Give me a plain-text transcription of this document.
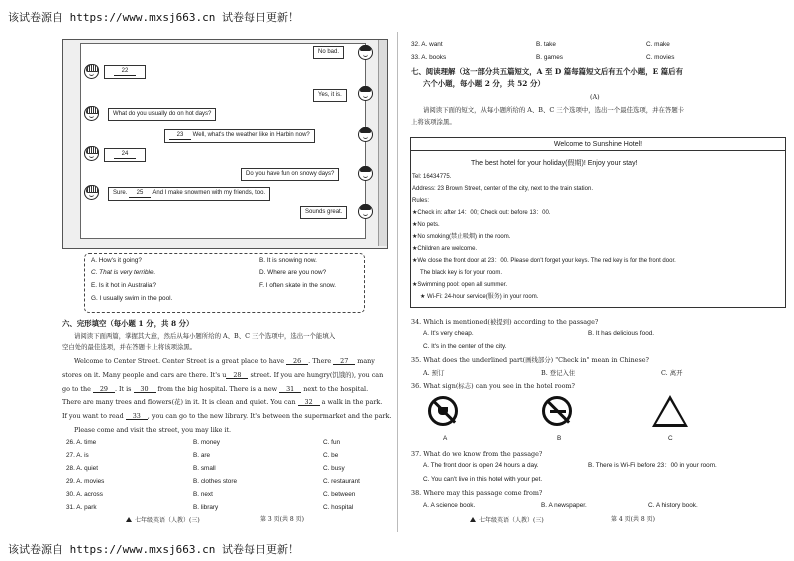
该试卷源自 https://www.mxsj663.cn 试卷每日更新！
该试卷源自 https://www.mxsj663.cn 试卷每日更新！
No bad.
22
Yes, it is.
What do you usually do on hot days?
23 Well, what's the weather like in Harbin now?
24
Do you have fun on snowy days?
Sure. 25 And I make snowmen with my friends, too.
Sounds great.
A. How's it going?	B. It is snowing now.
C. That is very terrible.	D. Where are you now?
E. Is it hot in Australia?	F. I often skate in the snow.
G. I usually swim in the pool.
六、完形填空（每小题 1 分，共 8 分）
请阅读下面两篇，掌握其大意，然后从每小题所给的 A、B、C 三个选项中，选出一个能填入
空白处的最佳选项，并在答题卡上将该项涂黑。
Welcome to Center Street. Center Street is a great place to have 26 . There 27 many
stores on it. Many people and cars are there. It's u 28 street. If you are hungry(饥饿的), you can
go to the 29 . It is 30 from the big hospital. There is a new 31 next to the hospital.
There are many trees and flowers(花) in it. It is clean and quiet. You can 32 a walk in the park.
If you want to read 33 , you can go to the new library. It's between the supermarket and the park.
Please come and visit the street, you may like it.
26. A. time	B. money	C. fun
27. A. is	B. are	C. be
28. A. quiet	B. small	C. busy
29. A. movies	B. clothes store	C. restaurant
30. A. across	B. next	C. between
31. A. park	B. library	C. hospital
七年级英语（人教）(三)	第 3 页(共 8 页)
32. A. want	B. take	C. make
33. A. books	B. games	C. movies
七、阅读理解（这一部分共五篇短文，A 至 D 篇每篇短文后有五个小题，E 篇后有
六个小题，每小题 2 分，共 52 分）
(A)
请阅读下面的短文，从每小题所给的 A、B、C 三个选项中，选出一个最佳选项，并在答题卡
上将该项涂黑。
Welcome to Sunshine Hotel!
The best hotel for your holiday(假期)! Enjoy your stay!
Tel: 16434775.
Address: 23 Brown Street, center of the city, next to the train station.
Rules:
★Check in: after 14：00; Check out: before 13：00.
★No pets.
★No smoking(禁止吸烟) in the room.
★Children are welcome.
★We close the front door at 23：00. Please don't forget your keys. The red key is for the front door.
The black key is for your room.
★Swimming pool: open all summer.
★ Wi-Fi: 24-hour service(服务) in your room.
34. Which is mentioned(被提到) according to the passage?
A. It's very cheap.	B. It has delicious food.
C. It's in the center of the city.
35. What does the underlined part(画线部分) "Check in" mean in Chinese?
A. 预订	B. 登记入住	C. 离开
36. What sign(标志) can you see in the hotel room?
A	B	C
37. What do we know from the passage?
A. The front door is open 24 hours a day.	B. There is Wi-Fi before 23：00 in your room.
C. You can't live in this hotel with your pet.
38. Where may this passage come from?
A. A science book.	B. A newspaper.	C. A history book.
七年级英语（人教）(三)	第 4 页(共 8 页)
